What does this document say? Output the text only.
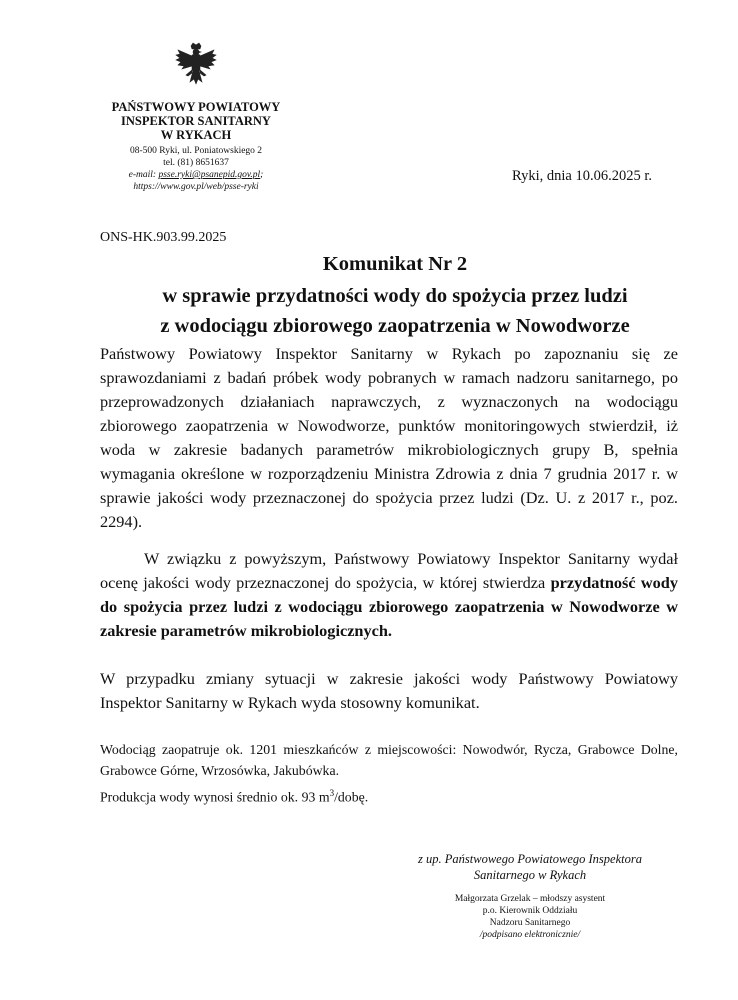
PAŃSTWOWY POWIATOWY
INSPEKTOR SANITARNY
W RYKACH
08-500 Ryki, ul. Poniatowskiego 2
tel. (81) 8651637
e-mail: psse.ryki@psanepid.gov.pl;
https://www.gov.pl/web/psse-ryki
Ryki, dnia 10.06.2025 r.
ONS-HK.903.99.2025
Komunikat Nr 2
w sprawie przydatności wody do spożycia przez ludzi
z wodociągu zbiorowego zaopatrzenia w Nowodworze
Państwowy Powiatowy Inspektor Sanitarny w Rykach po zapoznaniu się ze sprawozdaniami z badań próbek wody pobranych w ramach nadzoru sanitarnego, po przeprowadzonych działaniach naprawczych, z wyznaczonych na wodociągu zbiorowego zaopatrzenia w Nowodworze, punktów monitoringowych stwierdził, iż woda w zakresie badanych parametrów mikrobiologicznych grupy B, spełnia wymagania określone w rozporządzeniu Ministra Zdrowia z dnia 7 grudnia 2017 r. w sprawie jakości wody przeznaczonej do spożycia przez ludzi (Dz. U. z 2017 r., poz. 2294).
W związku z powyższym, Państwowy Powiatowy Inspektor Sanitarny wydał ocenę jakości wody przeznaczonej do spożycia, w której stwierdza przydatność wody do spożycia przez ludzi z wodociągu zbiorowego zaopatrzenia w Nowodworze w zakresie parametrów mikrobiologicznych.
W przypadku zmiany sytuacji w zakresie jakości wody Państwowy Powiatowy Inspektor Sanitarny w Rykach wyda stosowny komunikat.
Wodociąg zaopatruje ok. 1201 mieszkańców z miejscowości: Nowodwór, Rycza, Grabowce Dolne, Grabowce Górne, Wrzosówka, Jakubówka.
Produkcja wody wynosi średnio ok. 93 $m^3$/dobę.
z up. Państwowego Powiatowego Inspektora
Sanitarnego w Rykach
Małgorzata Grzelak – młodszy asystent
p.o. Kierownik Oddziału
Nadzoru Sanitarnego
/podpisano elektronicznie/
